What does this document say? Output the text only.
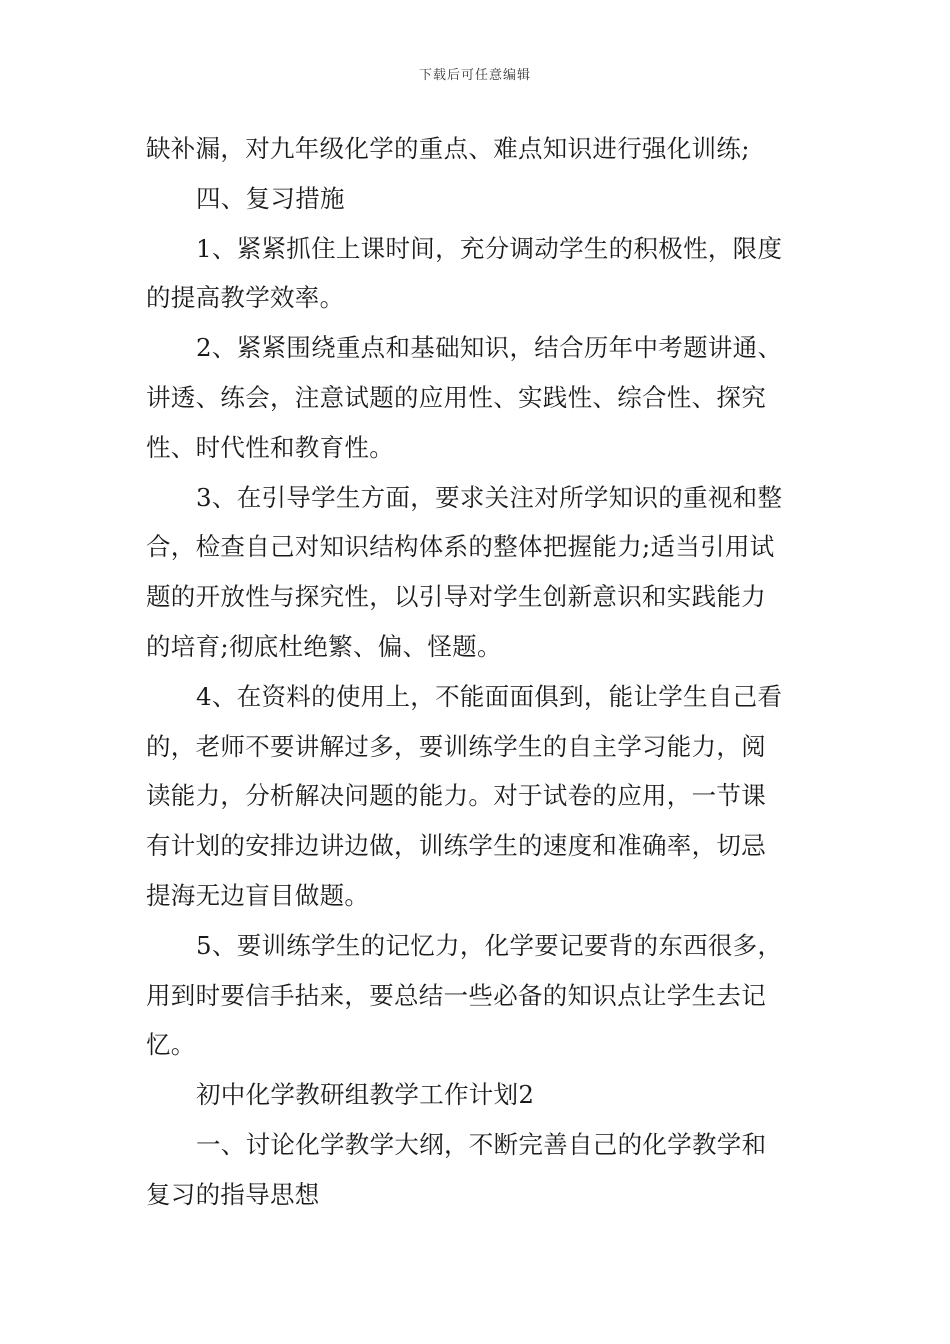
下载后可任意编辑
缺补漏，对九年级化学的重点、难点知识进行强化训练;
四、复习措施
1、紧紧抓住上课时间，充分调动学生的积极性，限度
的提高教学效率。
2、紧紧围绕重点和基础知识，结合历年中考题讲通、
讲透、练会，注意试题的应用性、实践性、综合性、探究
性、时代性和教育性。
3、在引导学生方面，要求关注对所学知识的重视和整
合，检查自己对知识结构体系的整体把握能力;适当引用试
题的开放性与探究性，以引导对学生创新意识和实践能力
的培育;彻底杜绝繁、偏、怪题。
4、在资料的使用上，不能面面俱到，能让学生自己看
的，老师不要讲解过多，要训练学生的自主学习能力，阅
读能力，分析解决问题的能力。对于试卷的应用，一节课
有计划的安排边讲边做，训练学生的速度和准确率，切忌
提海无边盲目做题。
5、要训练学生的记忆力，化学要记要背的东西很多，
用到时要信手拈来，要总结一些必备的知识点让学生去记
忆。
初中化学教研组教学工作计划2
一、讨论化学教学大纲，不断完善自己的化学教学和
复习的指导思想
